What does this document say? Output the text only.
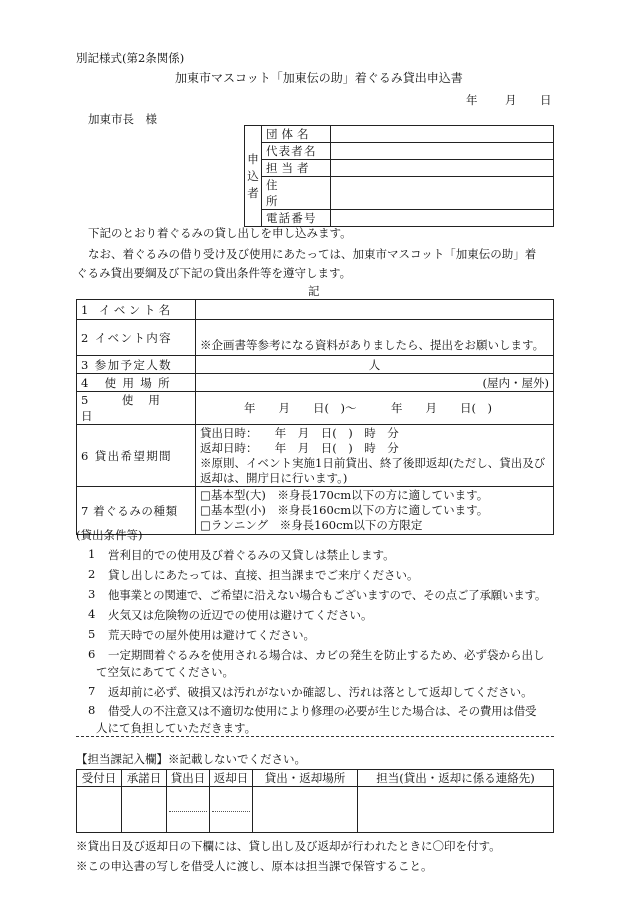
別記様式(第2条関係)
加東市マスコット「加東伝の助」着ぐるみ貸出申込書
年 月 日
加東市長　様
申
込
者	団体名	
	代表者名	
	担当者	
	住所	
	電話番号	
下記のとおり着ぐるみの貸し出しを申し込みます。
なお、着ぐるみの借り受け及び使用にあたっては、加東市マスコット「加東伝の助」着
ぐるみ貸出要綱及び下記の貸出条件等を遵守します。
記
1 イベント名	
2 イベント内容	※企画書等参考になる資料がありましたら、提出をお願いします。
3 参加予定人数	人
4 使用場所	(屋内・屋外)
5 使用日	年　　月　　日(　)～　　　年　　月　　日(　)
6 貸出希望期間	貸出日時：　　年　月　日(　)　時　分
返却日時：　　年　月　日(　)　時　分
※原則、イベント実施1日前貸出、終了後即返却(ただし、貸出及び
返却は、開庁日に行います。)

7 着ぐるみの種類	□基本型(大)　※身長170cm以下の方に適しています。
□基本型(小)　※身長160cm以下の方に適しています。
□ランニング　※身長160cm以下の方限定
(貸出条件等)
1 営利目的での使用及び着ぐるみの又貸しは禁止します。
2 貸し出しにあたっては、直接、担当課までご来庁ください。
3 他事業との関連で、ご希望に沿えない場合もございますので、その点ご了承願います。
4 火気又は危険物の近辺での使用は避けてください。
5 荒天時での屋外使用は避けてください。
6 一定期間着ぐるみを使用される場合は、カビの発生を防止するため、必ず袋から出し
て空気にあててください。
7 返却前に必ず、破損又は汚れがないか確認し、汚れは落として返却してください。
8 借受人の不注意又は不適切な使用により修理の必要が生じた場合は、その費用は借受
人にて負担していただきます。
【担当課記入欄】※記載しないでください。
受付日	承諾日	貸出日	返却日	貸出・返却場所	担当(貸出・返却に係る連絡先)

※貸出日及び返却日の下欄には、貸し出し及び返却が行われたときに〇印を付す。
※この申込書の写しを借受人に渡し、原本は担当課で保管すること。
